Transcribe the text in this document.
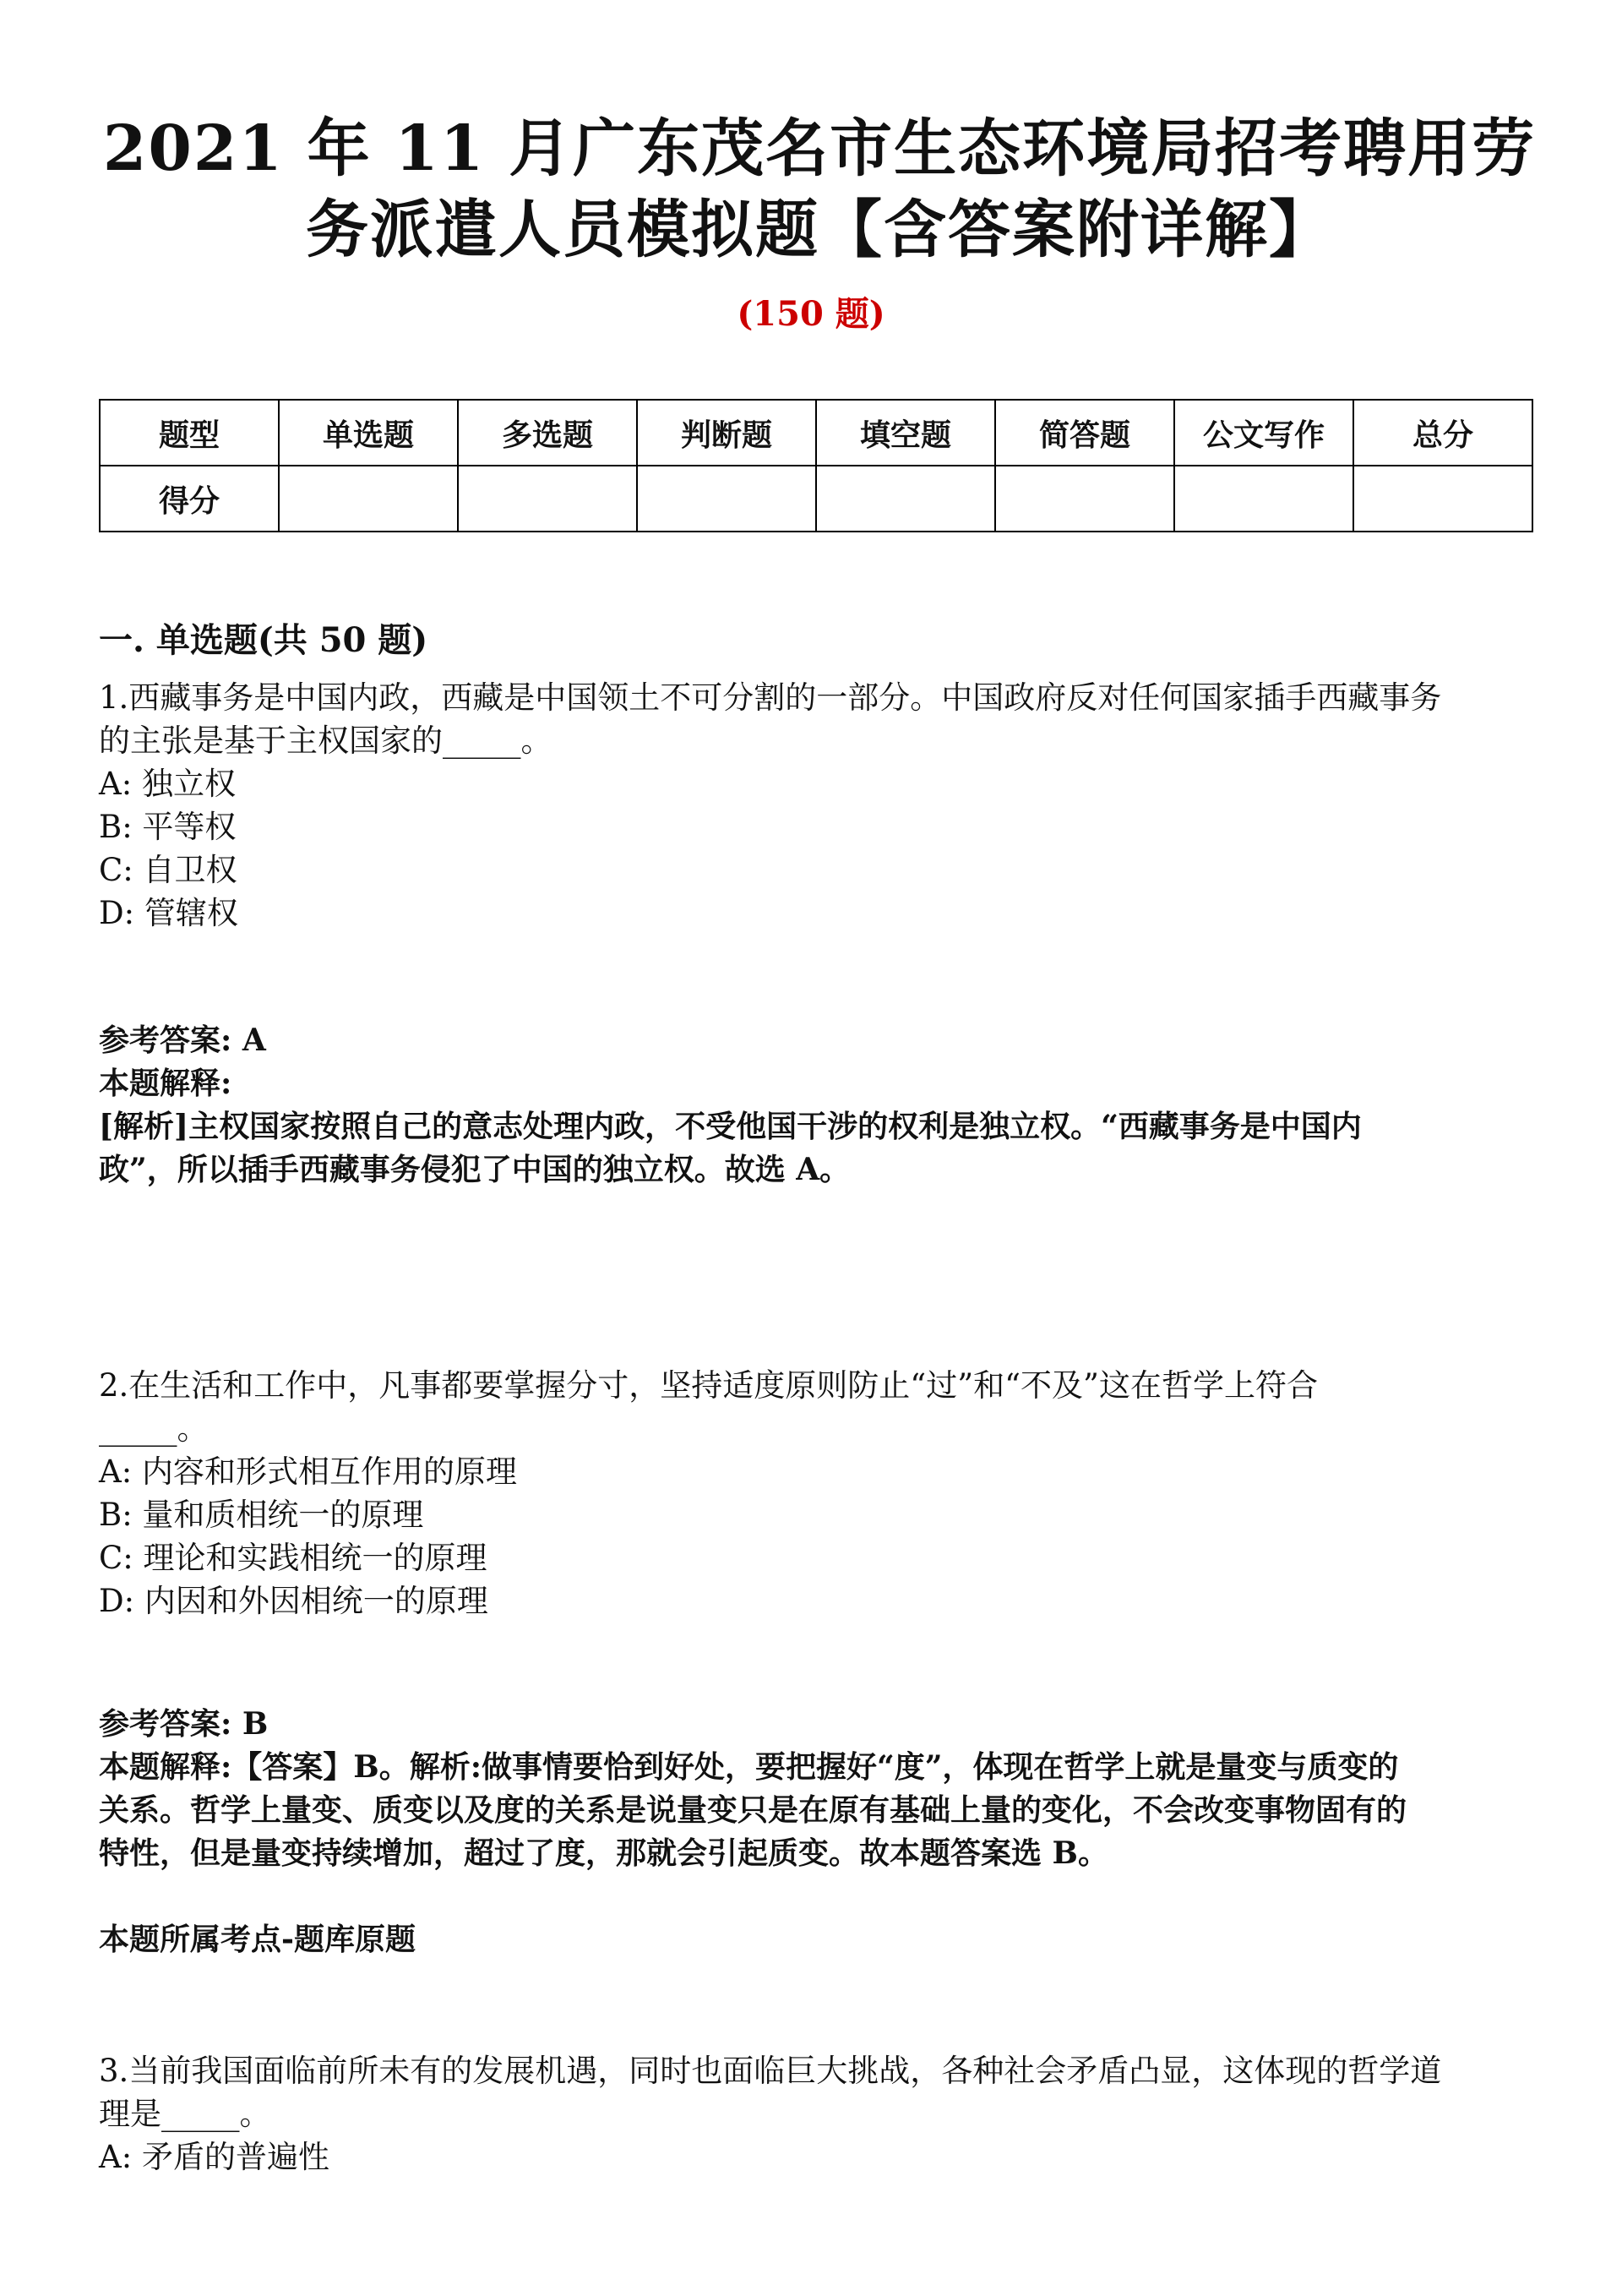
2021 年 11 月广东茂名市生态环境局招考聘用劳
务派遣人员模拟题【含答案附详解】
(150 题)
题型	单选题	多选题	判断题	填空题	简答题	公文写作	总分
得分							
一. 单选题(共 50 题)
1.西藏事务是中国内政，西藏是中国领土不可分割的一部分。中国政府反对任何国家插手西藏事务
的主张是基于主权国家的_____。
A: 独立权
B: 平等权
C: 自卫权
D: 管辖权
参考答案: A
本题解释:
[解析]主权国家按照自己的意志处理内政，不受他国干涉的权利是独立权。“西藏事务是中国内
政”，所以插手西藏事务侵犯了中国的独立权。故选 A。
2.在生活和工作中，凡事都要掌握分寸，坚持适度原则防止“过”和“不及”这在哲学上符合
_____。
A: 内容和形式相互作用的原理
B: 量和质相统一的原理
C: 理论和实践相统一的原理
D: 内因和外因相统一的原理
参考答案: B
本题解释:【答案】B。解析:做事情要恰到好处，要把握好“度”，体现在哲学上就是量变与质变的
关系。哲学上量变、质变以及度的关系是说量变只是在原有基础上量的变化，不会改变事物固有的
特性，但是量变持续增加，超过了度，那就会引起质变。故本题答案选 B。
本题所属考点-题库原题
3.当前我国面临前所未有的发展机遇，同时也面临巨大挑战，各种社会矛盾凸显，这体现的哲学道
理是_____。
A: 矛盾的普遍性
